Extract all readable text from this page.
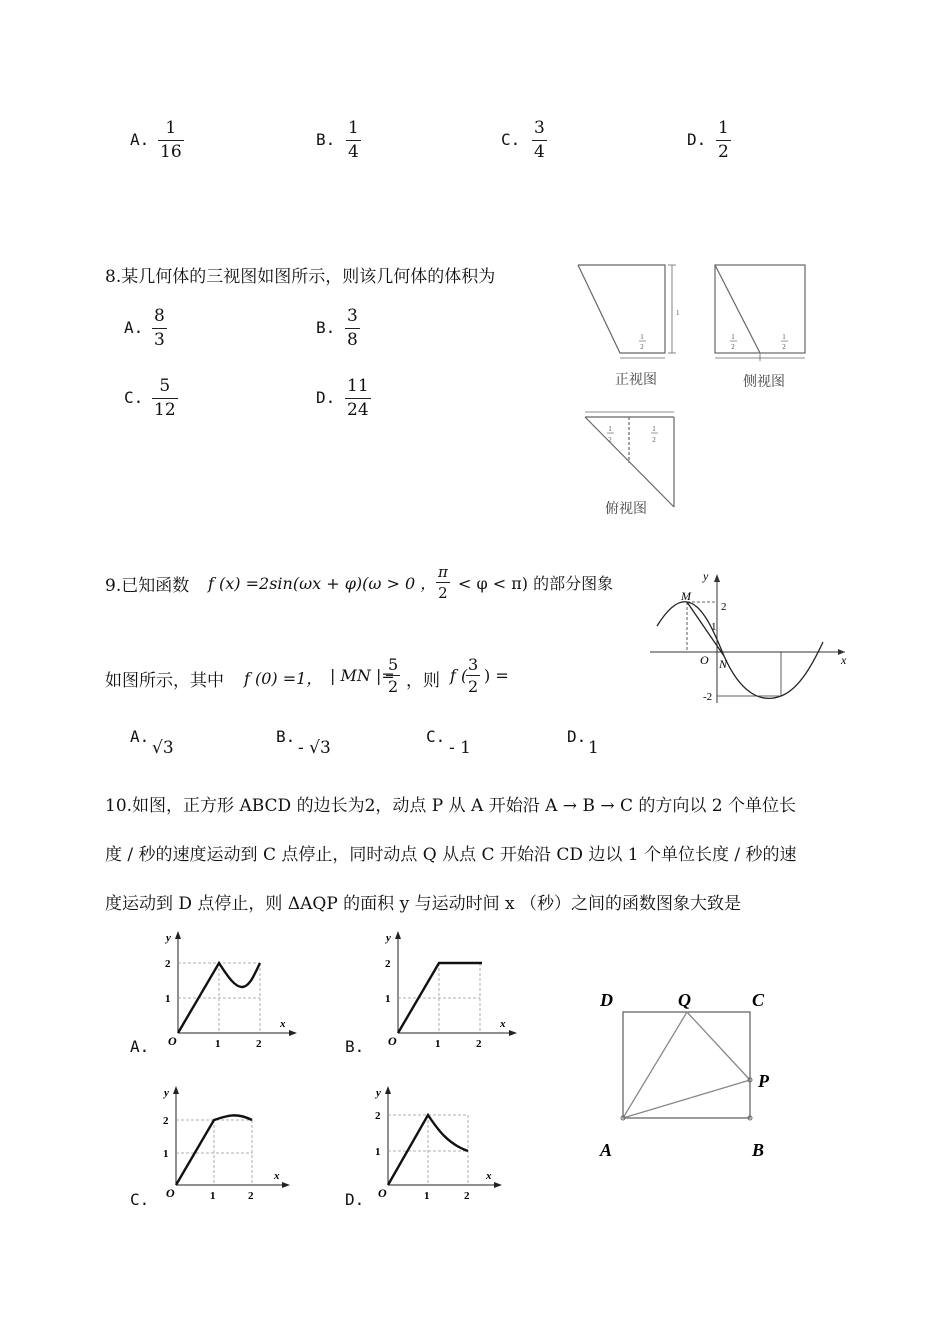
A.
1
16
B.
1
4
C.
3
4
D.
1
2
8.某几何体的三视图如图所示，则该几何体的体积为
A.
8
3
B.
3
8
C.
5
12
D.
11
24
1
1
2
1
2
1
2
1
2
1
2
正视图	侧视图
俯视图
9.已知函数 f (x) =2sin(ωx + φ)(ω > 0 ，
π
2 < φ < π) 的部分图象
如图所示，其中 f (0) =1， | MN |=
5
2 ，则 f (
3
2
) =
A.
√3
B.
- √3
C.
- 1
D.
1
y
x
O
M
N
2
1
-2
10.如图，正方形 ABCD 的边长为2，动点 P 从 A 开始沿 A → B → C 的方向以 2 个单位长
度 / 秒的速度运动到 C 点停止，同时动点 Q 从点 C 开始沿 CD 边以 1 个单位长度 / 秒的速
度运动到 D 点停止，则 ΔAQP 的面积 y 与运动时间 x （秒）之间的函数图象大致是
A.
y
x
O	1	2
2
1
B.
y
x
O	1	2
2
1
C.
y
x
O	1	2
2
1
D.
y
x
O	1	2
2
1
D	Q	C
P
A	B
